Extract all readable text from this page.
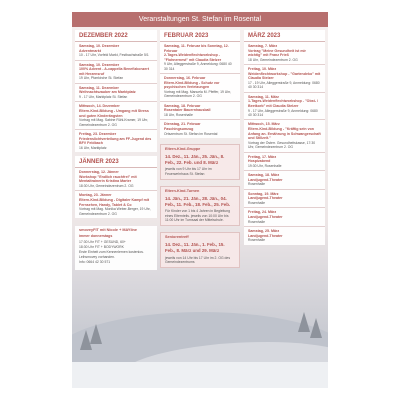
Veranstaltungen St. Stefan im Rosental
DEZEMBER 2022
Samstag, 10. Dezember
Adventmarkt
10 - 17 Uhr, Vorfeld Markt, Festbachstraße 5/1
Samstag, 10. Dezember
100% Advent - A-cappella Benefizkonzert mit Herzensruf
19 Uhr, Pfarrkirche St. Stefan
Samstag, 11. Dezember
Weihnachtszauber am Marktplatz
9 - 17 Uhr, Marktplatz St. Stefan
Mittwoch, 14. Dezember
Eltern-Kind-Bildung - Umgang mit Stress und guten Kinderängsten
Vortrag mit Mag. Sabine Rühl-Kramer, 19 Uhr, Gemeindezentrum 2. OG
Freitag, 23. Dezember
Friedenslichtverteilung am FF-Jugend des BFV Feldbach
16 Uhr, Marktplatz
JÄNNER 2023
Donnerstag, 12. Jänner
Workshop "Endlich rauchfrei" mit Mentaltrainerin Kristina Marter
18:30 Uhr, Gemeindezentrum 2. OG
Montag, 23. Jänner
Eltern-Kind-Bildung - Digitaler Kampf mit Fernsehen, Handy, Tablet & Co
Vortrag mit Mag. Monika Weber-Berger, 19 Uhr, Gemeindezentrum 2. OG
smoveyFIT mit Nicole + MAYline
immer donnerstags
17:30 Uhr FIT + GESUND, 60+
18:30 Uhr FIT + BODYWORK
Erste Einheit zum Kennenlernen kostenlos. Leihsmovey vorhanden.
Info: 0664 42 30 571
FEBRUAR 2023
Samstag, 11. Februar bis Sonntag, 12. Februar
2-Tages-Weidenflechtworkshop - "Flohnernest" mit Claudia Stelzer
9 Uhr, Alleggerstraße 9, Anmeldung: 0680 40 30 314
Donnerstag, 16. Februar
Eltern-Kind-Bildung - Schutz vor psychischen Verletzungen
Vortrag mit Mag. Manuela M. Pfeffer, 19 Uhr, Gemeindezentrum 2. OG
Samstag, 18. Februar
Rosentaler Bauernhausball
18 Uhr, Rosenhalle
Dienstag, 21. Februar
Faschingsumzug
Ortszentrum St. Stefan im Rosental
Eltern-Kind-Gruppe
14. Dez., 11. Jän., 25. Jän., 8. Feb., 22. Feb. und 8. März
jeweils von 9 Uhr bis 17 Uhr im Feuerwehrhaus St. Stefan
Eltern-Kind-Turnen
14. Jän., 21. Jän., 28. Jän., 04. Feb., 11. Feb., 18. Feb., 25. Feb.
Für Kinder von 1 bis 4 Jahren in Begleitung eines Elternteils. jeweils von 10:00 Uhr bis 11:00 Uhr im Turnsaal der Mittelschule.
Seniorentreff
14. Dez., 11. Jän., 1. Feb., 15. Feb., 8. März und 29. März
jeweils von 14 Uhr bis 17 Uhr im 2. OG des Gemeindezentrums
MÄRZ 2023
Samstag, 7. März
Vortrag "Meine Gesundheit ist mir wichtig" mit Franz Frieß
18 Uhr, Gemeindezentrum 2. OG
Freitag, 10. März
Weidenflechtworkshop - "Gartendeko" mit Claudia Stelzer
17 - 19 Uhr, Alleggerstraße 9, Anmeldung: 0680 40 30 314
Samstag, 11. März
1-Tages-Weidenflechtworkshop - "Obst- / Beetkorb" mit Claudia Stelzer
9 - 17 Uhr, Alleggerstraße 9, Anmeldung: 0680 40 30 314
Mittwoch, 15. März
Eltern-Kind-Bildung - "Kräftig sein von Anfang an. Ernährung in Schwangerschaft und Stillzeit."
Vortrag der Österr. Gesundheitskasse, 17:30 Uhr, Gemeindezentrum 2. OG
Freitag, 17. März
Hospizabend
19:30 Uhr, Rosenhalle
Samstag, 18. März
Landjugend-Theater
Rosenhalle
Sonntag, 19. März
Landjugend-Theater
Rosenhalle
Freitag, 24. März
Landjugend-Theater
Rosenhalle
Samstag, 25. März
Landjugend-Theater
Rosenhalle
